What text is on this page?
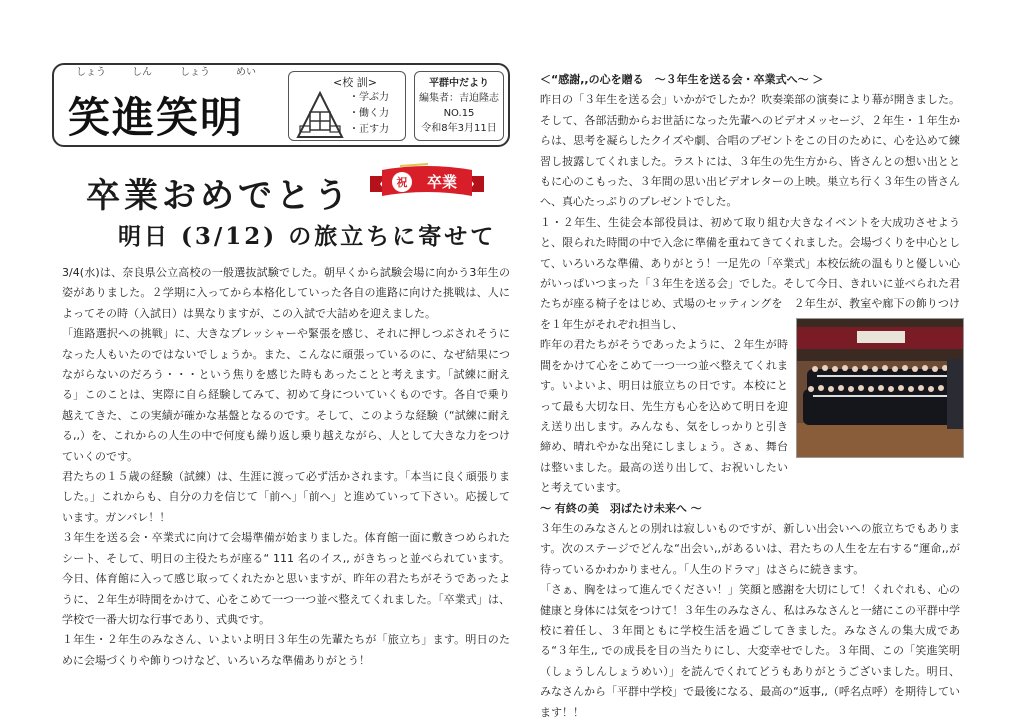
しょう	しん	しょう	めい
笑進笑明
<校 訓>
・学ぶ力
・働く力
・正す力
平群中だより
編集者：吉迫隆志
NO.15
令和8年3月11日
卒業おめでとう	祝 卒業
明日 (3/12) の旅立ちに寄せて

3/4(水)は、奈良県公立高校の一般選抜試験でした。朝早くから試験会場に向かう3年生の姿がありました。２学期に入ってから本格化していった各自の進路に向けた挑戦は、人によってその時（入試日）は異なりますが、この入試で大詰めを迎えました。

「進路選択への挑戦」に、大きなプレッシャーや緊張を感じ、それに押しつぶされそうになった人もいたのではないでしょうか。また、こんなに頑張っているのに、なぜ結果につながらないのだろう・・・という焦りを感じた時もあったことと考えます。「試練に耐える」このことは、実際に自ら経験してみて、初めて身についていくものです。各自で乗り越えてきた、この実績が確かな基盤となるのです。そして、このような経験（“試練に耐える,,）を、これからの人生の中で何度も繰り返し乗り越えながら、人として大きな力をつけていくのです。

君たちの１５歳の経験（試練）は、生涯に渡って必ず活かされます。「本当に良く頑張りました。」これからも、自分の力を信じて「前へ」「前へ」と進めていって下さい。応援しています。ガンバレ！！

３年生を送る会・卒業式に向けて会場準備が始まりました。体育館一面に敷きつめられたシート、そして、明日の主役たちが座る“ 111 名のイス,, がきちっと並べられています。今日、体育館に入って感じ取ってくれたかと思いますが、昨年の君たちがそうであったように、２年生が時間をかけて、心をこめて一つ一つ並べ整えてくれました。「卒業式」は、学校で一番大切な行事であり、式典です。

１年生・２年生のみなさん、いよいよ明日３年生の先輩たちが「旅立ち」ます。明日のために会場づくりや飾りつけなど、いろいろな準備ありがとう！

＜“感謝,,の心を贈る　～３年生を送る会・卒業式へ～ ＞

昨日の「３年生を送る会」いかがでしたか？吹奏楽部の演奏により幕が開きました。そして、各部活動からお世話になった先輩へのビデオメッセージ、２年生・１年生からは、思考を凝らしたクイズや劇、合唱のプゼントをこの日のために、心を込めて練習し披露してくれました。ラストには、３年生の先生方から、皆さんとの想い出とともに心のこもった、３年間の思い出ビデオレターの上映。巣立ち行く３年生の皆さんへ、真心たっぷりのプレゼントでした。

１・２年生、生徒会本部役員は、初めて取り組む大きなイベントを大成功させようと、限られた時間の中で入念に準備を重ねてきてくれました。会場づくりを中心として、いろいろな準備、ありがとう！一足先の「卒業式」本校伝統の温もりと優しい心がいっぱいつまった「３年生を送る会」でした。そして今日、きれいに並べられた君たちが座る椅子をはじめ、式場のセッティングを　２年生が、教室や廊下の飾りつけを１年生がそれぞれ担当し、

昨年の君たちがそうであったように、２年生が時間をかけて心をこめて一つ一つ並べ整えてくれます。いよいよ、明日は旅立ちの日です。本校にとって最も大切な日、先生方も心を込めて明日を迎え送り出します。みんなも、気をしっかりと引き締め、晴れやかな出発にしましょう。さぁ、舞台は整いました。最高の送り出して、お祝いしたいと考えています。

～ 有終の美　羽ばたけ未来へ ～

３年生のみなさんとの別れは寂しいものですが、新しい出会いへの旅立ちでもあります。次のステージでどんな“出会い,,があるいは、君たちの人生を左右する“運命,,が待っているかわかりません。「人生のドラマ」はさらに続きます。

「さぁ、胸をはって進んでください！」笑顔と感謝を大切にして！くれぐれも、心の健康と身体には気をつけて！３年生のみなさん、私はみなさんと一緒にこの平群中学校に着任し、３年間ともに学校生活を過ごしてきました。みなさんの集大成である“３年生,, での成長を目の当たりにし、大変幸せでした。３年間、この「笑進笑明（しょうしんしょうめい）」を読んでくれてどうもありがとうございました。明日、みなさんから「平群中学校」で最後になる、最高の“返事,,（呼名点呼）を期待しています！！
